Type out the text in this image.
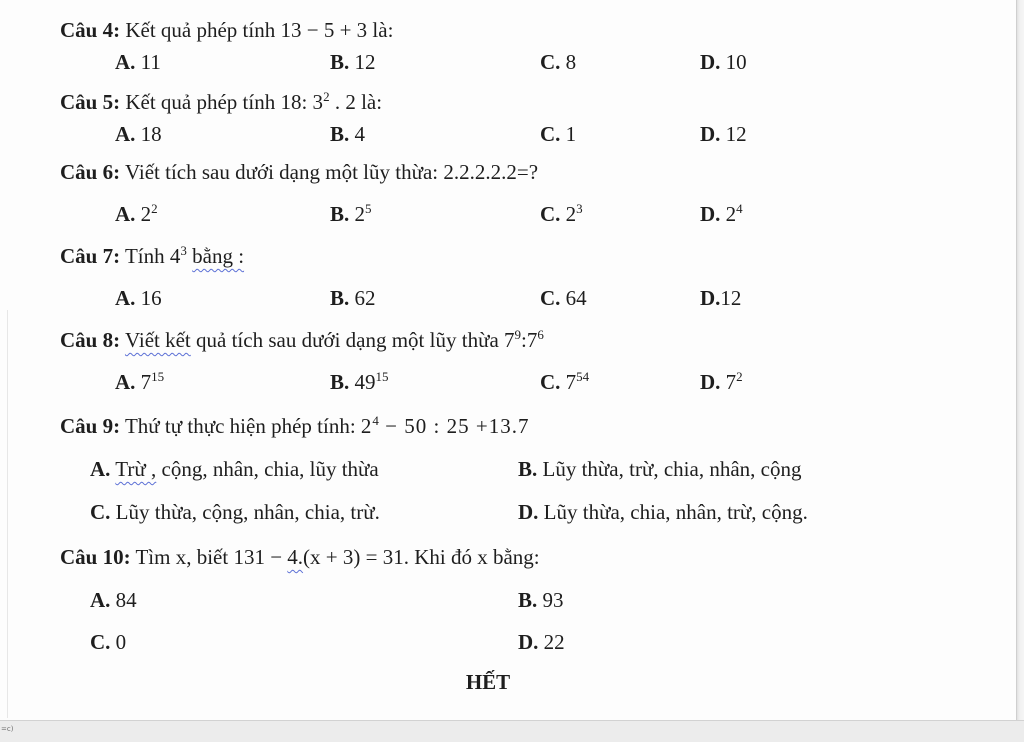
Câu 4: Kết quả phép tính 13 − 5 + 3 là:

A. 11	B. 12	C. 8	D. 10

Câu 5: Kết quả phép tính 18: $3^2$ . 2 là:

A. 18	B. 4	C. 1	D. 12

Câu 6: Viết tích sau dưới dạng một lũy thừa: 2.2.2.2.2=?

A. $2^2$	B. $2^5$	C. $2^3$	D. $2^4$

Câu 7: Tính $4^3$ bằng :

A. 16	B. 62	C. 64	D.12

Câu 8: Viết kết quả tích sau dưới dạng một lũy thừa $7^9:7^6$

A. $7^{15}$	B. $49^{15}$	C. $7^{54}$	D. $7^2$

Câu 9: Thứ tự thực hiện phép tính: $2^4 - 50$ : 25 +13.7

A. Trừ , cộng, nhân, chia, lũy thừa	B. Lũy thừa, trừ, chia, nhân, cộng
C. Lũy thừa, cộng, nhân, chia, trừ.	D. Lũy thừa, chia, nhân, trừ, cộng.

Câu 10: Tìm x, biết 131 − 4.(x + 3) = 31. Khi đó x bằng:

A. 84	B. 93
C. 0	D. 22

HẾT

=c)
